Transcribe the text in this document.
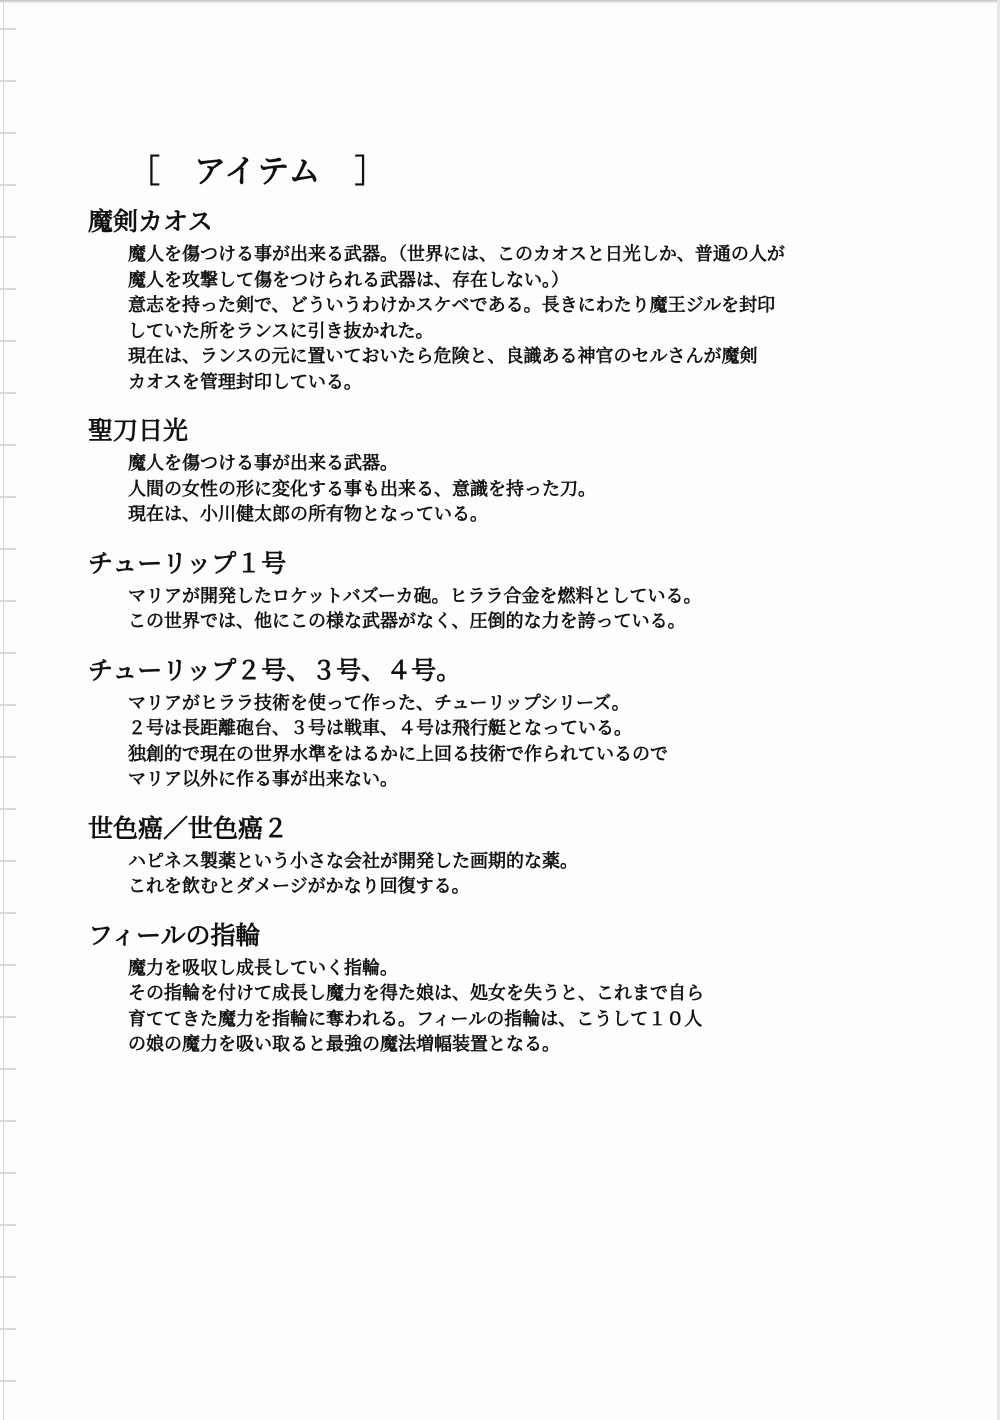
［　アイテム　］
魔剣カオス

魔人を傷つける事が出来る武器。（世界には、このカオスと日光しか、普通の人が

魔人を攻撃して傷をつけられる武器は、存在しない。）

意志を持った剣で、どういうわけかスケベである。長きにわたり魔王ジルを封印

していた所をランスに引き抜かれた。

現在は、ランスの元に置いておいたら危険と、良識ある神官のセルさんが魔剣

カオスを管理封印している。

聖刀日光

魔人を傷つける事が出来る武器。

人間の女性の形に変化する事も出来る、意識を持った刀。

現在は、小川健太郎の所有物となっている。

チューリップ１号

マリアが開発したロケットバズーカ砲。ヒララ合金を燃料としている。

この世界では、他にこの様な武器がなく、圧倒的な力を誇っている。

チューリップ２号、３号、４号。

マリアがヒララ技術を使って作った、チューリップシリーズ。

２号は長距離砲台、３号は戦車、４号は飛行艇となっている。

独創的で現在の世界水準をはるかに上回る技術で作られているので

マリア以外に作る事が出来ない。

世色癌／世色癌２

ハピネス製薬という小さな会社が開発した画期的な薬。

これを飲むとダメージがかなり回復する。

フィールの指輪

魔力を吸収し成長していく指輪。

その指輪を付けて成長し魔力を得た娘は、処女を失うと、これまで自ら

育ててきた魔力を指輪に奪われる。フィールの指輪は、こうして１０人

の娘の魔力を吸い取ると最強の魔法増幅装置となる。
